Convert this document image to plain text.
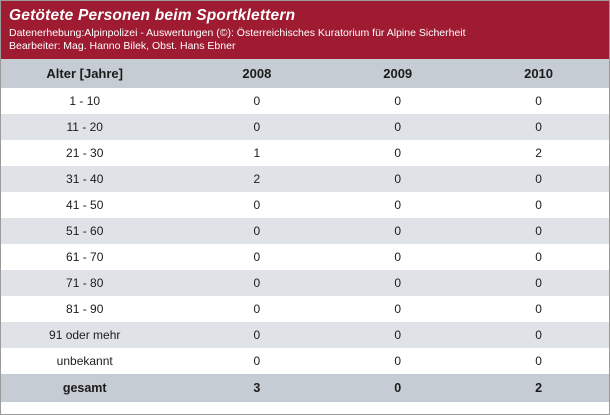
Getötete Personen beim Sportklettern
Datenerhebung:Alpinpolizei - Auswertungen (©): Österreichisches Kuratorium für Alpine Sicherheit
Bearbeiter: Mag. Hanno Bilek, Obst. Hans Ebner
Alter [Jahre]	2008	2009	2010
1 - 10	0	0	0
11 - 20	0	0	0
21 - 30	1	0	2
31 - 40	2	0	0
41 - 50	0	0	0
51 - 60	0	0	0
61 - 70	0	0	0
71 - 80	0	0	0
81 - 90	0	0	0
91 oder mehr	0	0	0
unbekannt	0	0	0
gesamt	3	0	2
